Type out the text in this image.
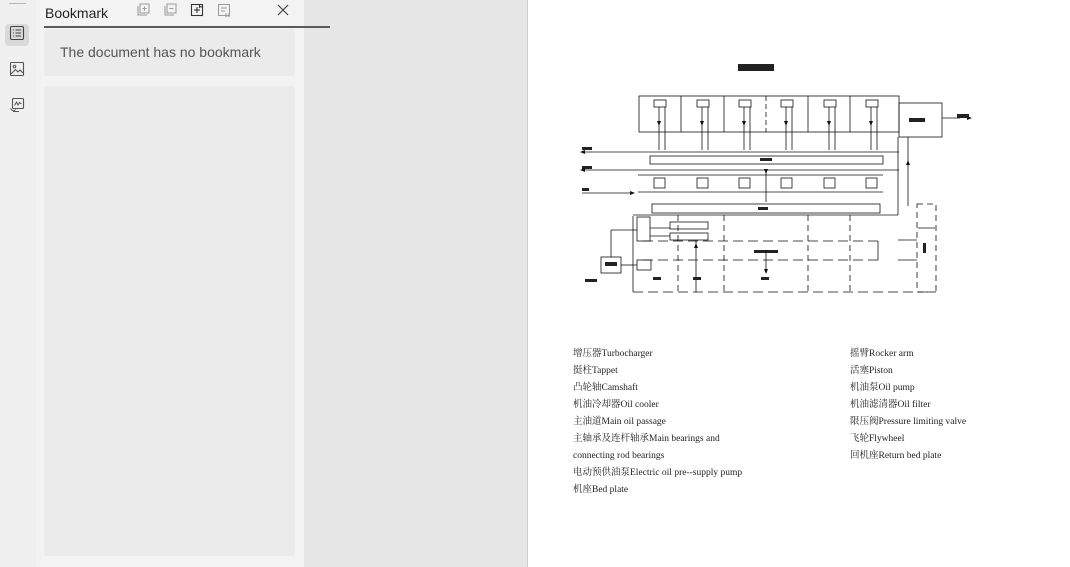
Bookmark
The document has no bookmark
增压器Turbocharger
挺柱Tappet
凸轮轴Camshaft
机油冷却器Oil cooler
主油道Main oil passage
主轴承及连杆轴承Main bearings and
connecting rod bearings
电动预供油泵Electric oil pre--supply pump
机座Bed plate
摇臂Rocker arm
活塞Piston
机油泵Oil pump
机油滤清器Oil filter
限压阀Pressure limiting valve
飞轮Flywheel
回机座Return bed plate
